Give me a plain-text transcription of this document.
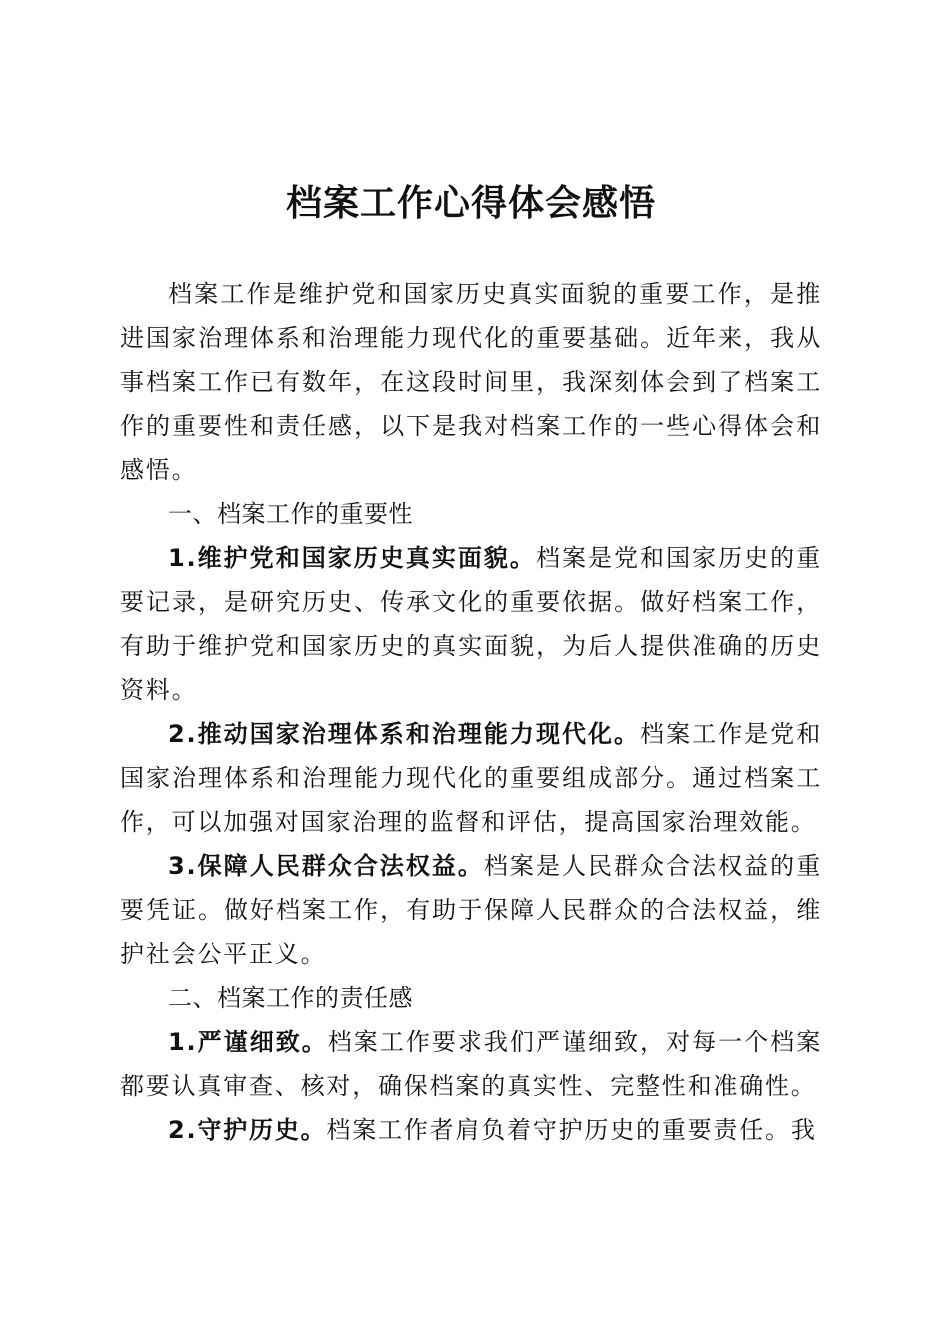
档案工作心得体会感悟

档案工作是维护党和国家历史真实面貌的重要工作，是推进国家治理体系和治理能力现代化的重要基础。近年来，我从事档案工作已有数年，在这段时间里，我深刻体会到了档案工作的重要性和责任感，以下是我对档案工作的一些心得体会和感悟。

一、档案工作的重要性

1.维护党和国家历史真实面貌。档案是党和国家历史的重要记录，是研究历史、传承文化的重要依据。做好档案工作，有助于维护党和国家历史的真实面貌，为后人提供准确的历史资料。

2.推动国家治理体系和治理能力现代化。档案工作是党和国家治理体系和治理能力现代化的重要组成部分。通过档案工作，可以加强对国家治理的监督和评估，提高国家治理效能。

3.保障人民群众合法权益。档案是人民群众合法权益的重要凭证。做好档案工作，有助于保障人民群众的合法权益，维护社会公平正义。

二、档案工作的责任感

1.严谨细致。档案工作要求我们严谨细致，对每一个档案都要认真审查、核对，确保档案的真实性、完整性和准确性。

2.守护历史。档案工作者肩负着守护历史的重要责任。我
